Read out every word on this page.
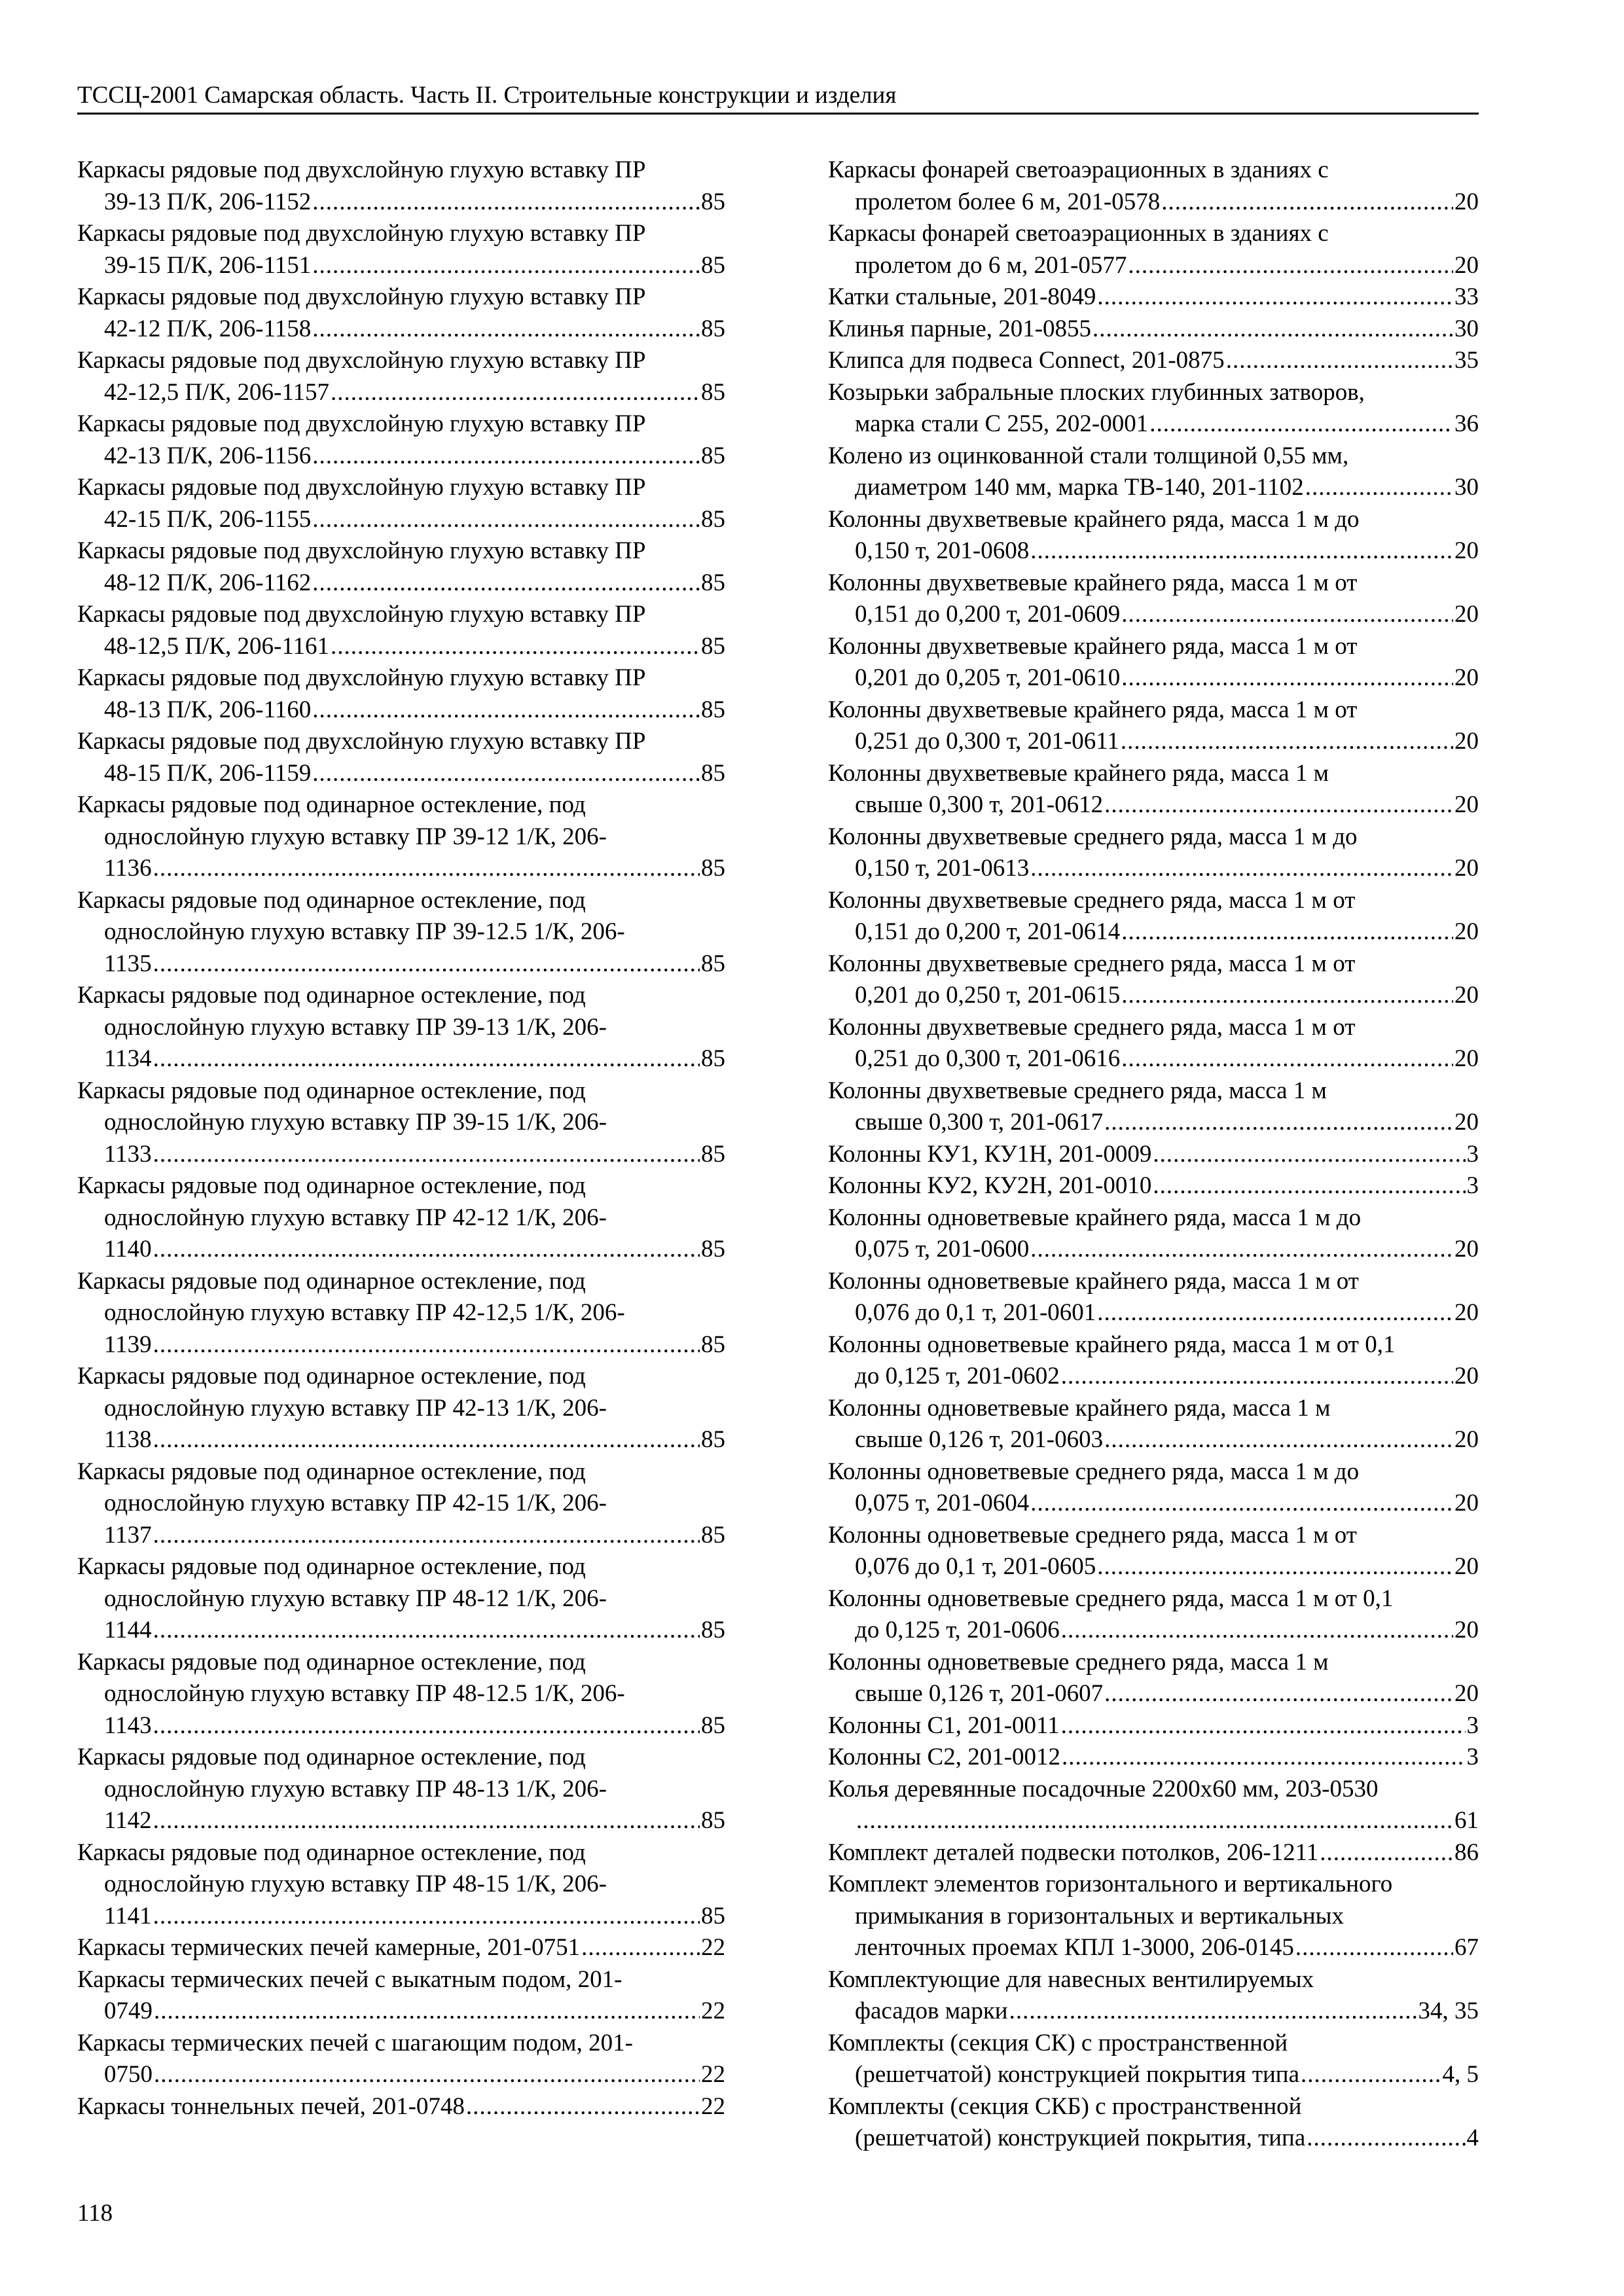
ТССЦ-2001 Самарская область. Часть II. Строительные конструкции и изделия
Каркасы рядовые под двухслойную глухую вставку ПР
39-13 П/К, 206-1152 .....	85
Каркасы рядовые под двухслойную глухую вставку ПР
39-15 П/К, 206-1151 .....	85
Каркасы рядовые под двухслойную глухую вставку ПР
42-12 П/К, 206-1158 .....	85
Каркасы рядовые под двухслойную глухую вставку ПР
42-12,5 П/К, 206-1157 .....	85
Каркасы рядовые под двухслойную глухую вставку ПР
42-13 П/К, 206-1156 .....	85
Каркасы рядовые под двухслойную глухую вставку ПР
42-15 П/К, 206-1155 .....	85
Каркасы рядовые под двухслойную глухую вставку ПР
48-12 П/К, 206-1162 .....	85
Каркасы рядовые под двухслойную глухую вставку ПР
48-12,5 П/К, 206-1161 .....	85
Каркасы рядовые под двухслойную глухую вставку ПР
48-13 П/К, 206-1160 .....	85
Каркасы рядовые под двухслойную глухую вставку ПР
48-15 П/К, 206-1159 .....	85
Каркасы рядовые под одинарное остекление, под
однослойную глухую вставку ПР 39-12 1/К, 206-
1136 .....	85
Каркасы рядовые под одинарное остекление, под
однослойную глухую вставку ПР 39-12.5 1/К, 206-
1135 .....	85
Каркасы рядовые под одинарное остекление, под
однослойную глухую вставку ПР 39-13 1/К, 206-
1134 .....	85
Каркасы рядовые под одинарное остекление, под
однослойную глухую вставку ПР 39-15 1/К, 206-
1133 .....	85
Каркасы рядовые под одинарное остекление, под
однослойную глухую вставку ПР 42-12 1/К, 206-
1140 .....	85
Каркасы рядовые под одинарное остекление, под
однослойную глухую вставку ПР 42-12,5 1/К, 206-
1139 .....	85
Каркасы рядовые под одинарное остекление, под
однослойную глухую вставку ПР 42-13 1/К, 206-
1138 .....	85
Каркасы рядовые под одинарное остекление, под
однослойную глухую вставку ПР 42-15 1/К, 206-
1137 .....	85
Каркасы рядовые под одинарное остекление, под
однослойную глухую вставку ПР 48-12 1/К, 206-
1144 .....	85
Каркасы рядовые под одинарное остекление, под
однослойную глухую вставку ПР 48-12.5 1/К, 206-
1143 .....	85
Каркасы рядовые под одинарное остекление, под
однослойную глухую вставку ПР 48-13 1/К, 206-
1142 .....	85
Каркасы рядовые под одинарное остекление, под
однослойную глухую вставку ПР 48-15 1/К, 206-
1141 .....	85
Каркасы термических печей камерные, 201-0751 .....	22
Каркасы термических печей с выкатным подом, 201-
0749 .....	22
Каркасы термических печей с шагающим подом, 201-
0750 .....	22
Каркасы тоннельных печей, 201-0748 .....	22
Каркасы фонарей светоаэрационных в зданиях с
пролетом более 6 м, 201-0578 .....	20
Каркасы фонарей светоаэрационных в зданиях с
пролетом до 6 м, 201-0577 .....	20
Катки стальные, 201-8049 .....	33
Клинья парные, 201-0855 .....	30
Клипса для подвеса Connect, 201-0875 .....	35
Козырьки забральные плоских глубинных затворов,
марка стали С 255, 202-0001 .....	36
Колено из оцинкованной стали толщиной 0,55 мм,
диаметром 140 мм, марка ТВ-140, 201-1102 .....	30
Колонны двухветвевые крайнего ряда, масса 1 м до
0,150 т, 201-0608 .....	20
Колонны двухветвевые крайнего ряда, масса 1 м от
0,151 до 0,200 т, 201-0609 .....	20
Колонны двухветвевые крайнего ряда, масса 1 м от
0,201 до 0,205 т, 201-0610 .....	20
Колонны двухветвевые крайнего ряда, масса 1 м от
0,251 до 0,300 т, 201-0611 .....	20
Колонны двухветвевые крайнего ряда, масса 1 м
свыше 0,300 т, 201-0612 .....	20
Колонны двухветвевые среднего ряда, масса 1 м до
0,150 т, 201-0613 .....	20
Колонны двухветвевые среднего ряда, масса 1 м от
0,151 до 0,200 т, 201-0614 .....	20
Колонны двухветвевые среднего ряда, масса 1 м от
0,201 до 0,250 т, 201-0615 .....	20
Колонны двухветвевые среднего ряда, масса 1 м от
0,251 до 0,300 т, 201-0616 .....	20
Колонны двухветвевые среднего ряда, масса 1 м
свыше 0,300 т, 201-0617 .....	20
Колонны КУ1, КУ1Н, 201-0009 .....	3
Колонны КУ2, КУ2Н, 201-0010 .....	3
Колонны одноветвевые крайнего ряда, масса 1 м до
0,075 т, 201-0600 .....	20
Колонны одноветвевые крайнего ряда, масса 1 м от
0,076 до 0,1 т, 201-0601 .....	20
Колонны одноветвевые крайнего ряда, масса 1 м от 0,1
до 0,125 т, 201-0602 .....	20
Колонны одноветвевые крайнего ряда, масса 1 м
свыше 0,126 т, 201-0603 .....	20
Колонны одноветвевые среднего ряда, масса 1 м до
0,075 т, 201-0604 .....	20
Колонны одноветвевые среднего ряда, масса 1 м от
0,076 до 0,1 т, 201-0605 .....	20
Колонны одноветвевые среднего ряда, масса 1 м от 0,1
до 0,125 т, 201-0606 .....	20
Колонны одноветвевые среднего ряда, масса 1 м
свыше 0,126 т, 201-0607 .....	20
Колонны С1, 201-0011 .....	3
Колонны С2, 201-0012 .....	3
Колья деревянные посадочные 2200х60 мм, 203-0530
.....
61
Комплект деталей подвески потолков, 206-1211 .....	86
Комплект элементов горизонтального и вертикального
примыкания в горизонтальных и вертикальных
ленточных проемах КПЛ 1-3000, 206-0145 .....	67
Комплектующие для навесных вентилируемых
фасадов марки .....	34, 35
Комплекты (секция СК) с пространственной
(решетчатой) конструкцией покрытия типа .....	4, 5
Комплекты (секция СКБ) с пространственной
(решетчатой) конструкцией покрытия, типа .....	4
118
